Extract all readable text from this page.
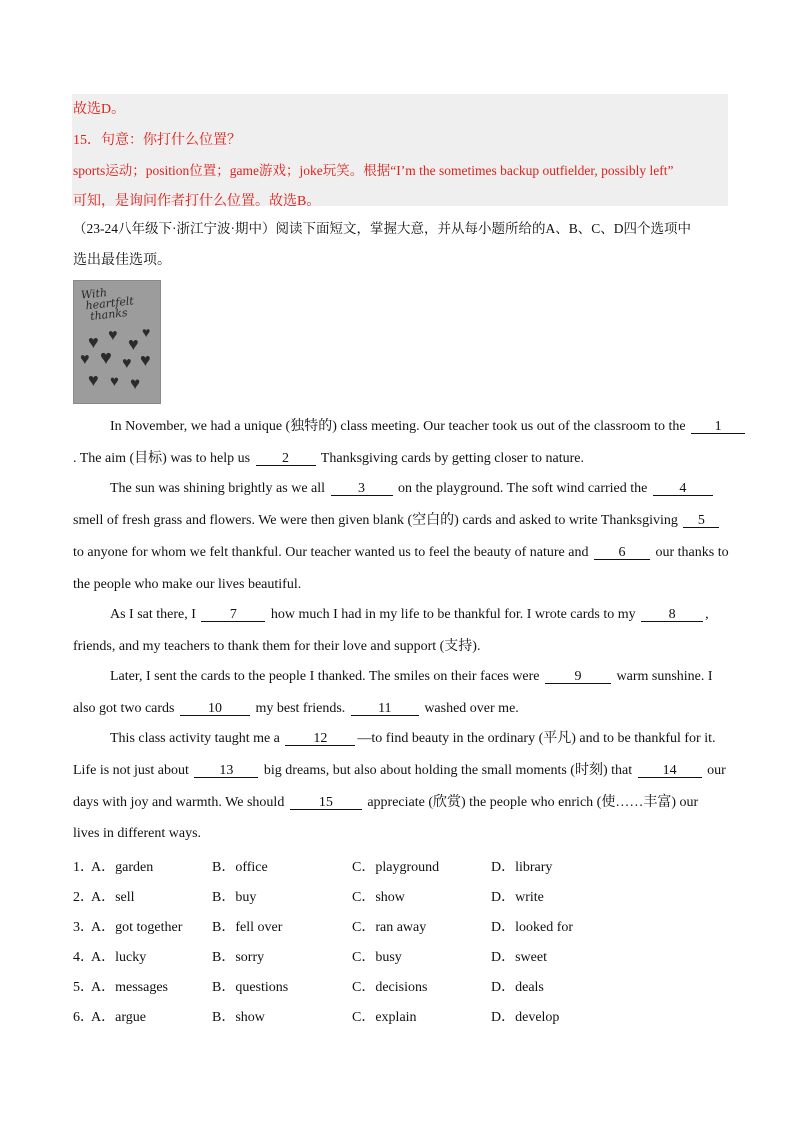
故选D。
15．句意：你打什么位置？
sports运动；position位置；game游戏；joke玩笑。根据“I’m the sometimes backup outfielder, possibly left”
可知，是询问作者打什么位置。故选B。
（23-24八年级下·浙江宁波·期中）阅读下面短文，掌握大意，并从每小题所给的A、B、C、D四个选项中
选出最佳选项。
With
heartfelt
thanks
♥ ♥ ♥
♥
♥ ♥ ♥ ♥
♥ ♥ ♥
In November, we had a unique (独特的) class meeting. Our teacher took us out of the classroom to the 1
. The aim (目标) was to help us 2 Thanksgiving cards by getting closer to nature.
The sun was shining brightly as we all 3 on the playground. The soft wind carried the 4
smell of fresh grass and flowers. We were then given blank (空白的) cards and asked to write Thanksgiving 5
to anyone for whom we felt thankful. Our teacher wanted us to feel the beauty of nature and 6 our thanks to
the people who make our lives beautiful.
As I sat there, I 7 how much I had in my life to be thankful for. I wrote cards to my 8 ,
friends, and my teachers to thank them for their love and support (支持).
Later, I sent the cards to the people I thanked. The smiles on their faces were	9	warm sunshine. I
also got two cards 10 my best friends. 11 washed over me.
This class activity taught me a 12 —to find beauty in the ordinary (平凡) and to be thankful for it.
Life is not just about 13 big dreams, but also about holding the small moments (时刻) that 14 our
days with joy and warmth. We should 15 appreciate (欣赏) the people who enrich (使……丰富) our
lives in different ways.
1．
A．garden	B．office	C．playground	D．library
2．
A．sell	B．buy	C．show	D．write
3．
A．got together B．fell over	C．ran away	D．looked for
4．
A．lucky	B．sorry	C．busy	D．sweet
5．
A．messages	B．questions	C．decisions	D．deals
6．
A．argue	B．show	C．explain	D．develop
